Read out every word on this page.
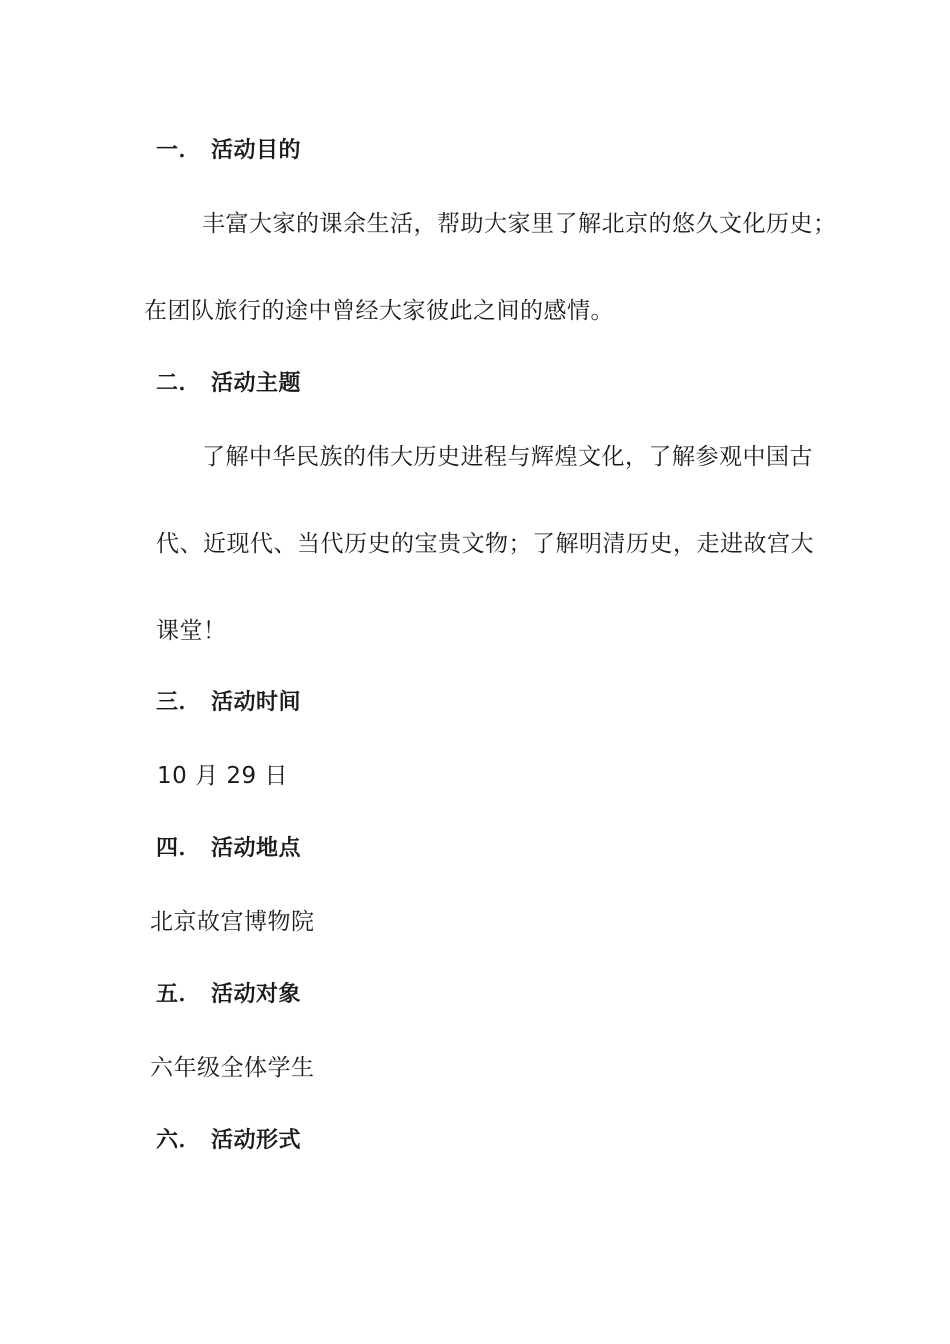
一． 活动目的
丰富大家的课余生活，帮助大家里了解北京的悠久文化历史；
在团队旅行的途中曾经大家彼此之间的感情。
二． 活动主题
了解中华民族的伟大历史进程与辉煌文化，了解参观中国古
代、近现代、当代历史的宝贵文物；了解明清历史，走进故宫大
课堂！
三． 活动时间
10 月 29 日
四． 活动地点
北京故宫博物院
五． 活动对象
六年级全体学生
六． 活动形式
